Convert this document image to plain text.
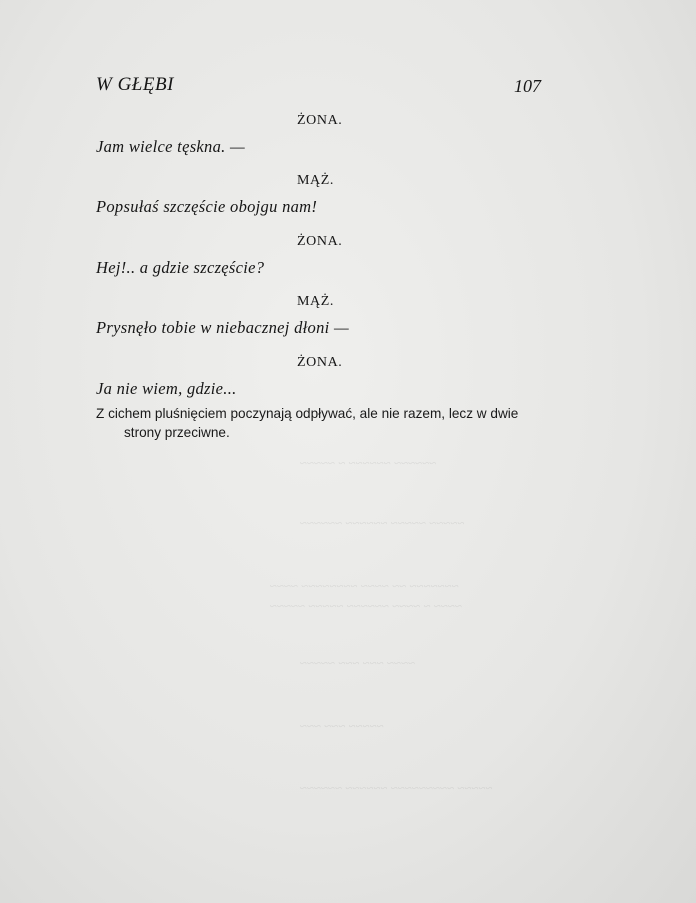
~~~~~~ ~~~~~~ ~ ~~~~~
~~~~~ ~~~~~ ~~~~~~ ~~~~~~
~~~~~~~ ~~ ~~~~ ~~~~~~~~ ~~~~
~~~~ ~ ~~~~ ~~~~~~ ~~~~~ ~~~~~
~~~~ ~~~ ~~~ ~~~~~
~~~~~ ~~~ ~~~
~~~~~ ~~~~~~~~~ ~~~~~~ ~~~~~~
W GŁĘBI	107
ŻONA.
Jam wielce tęskna. —
MĄŻ.
Popsułaś szczęście obojgu nam!
ŻONA.
Hej!.. a gdzie szczęście?
MĄŻ.
Prysnęło tobie w niebacznej dłoni —
ŻONA.
Ja nie wiem, gdzie...
Z cichem pluśnięciem poczynają odpływać, ale nie razem, lecz w dwie
strony przeciwne.
